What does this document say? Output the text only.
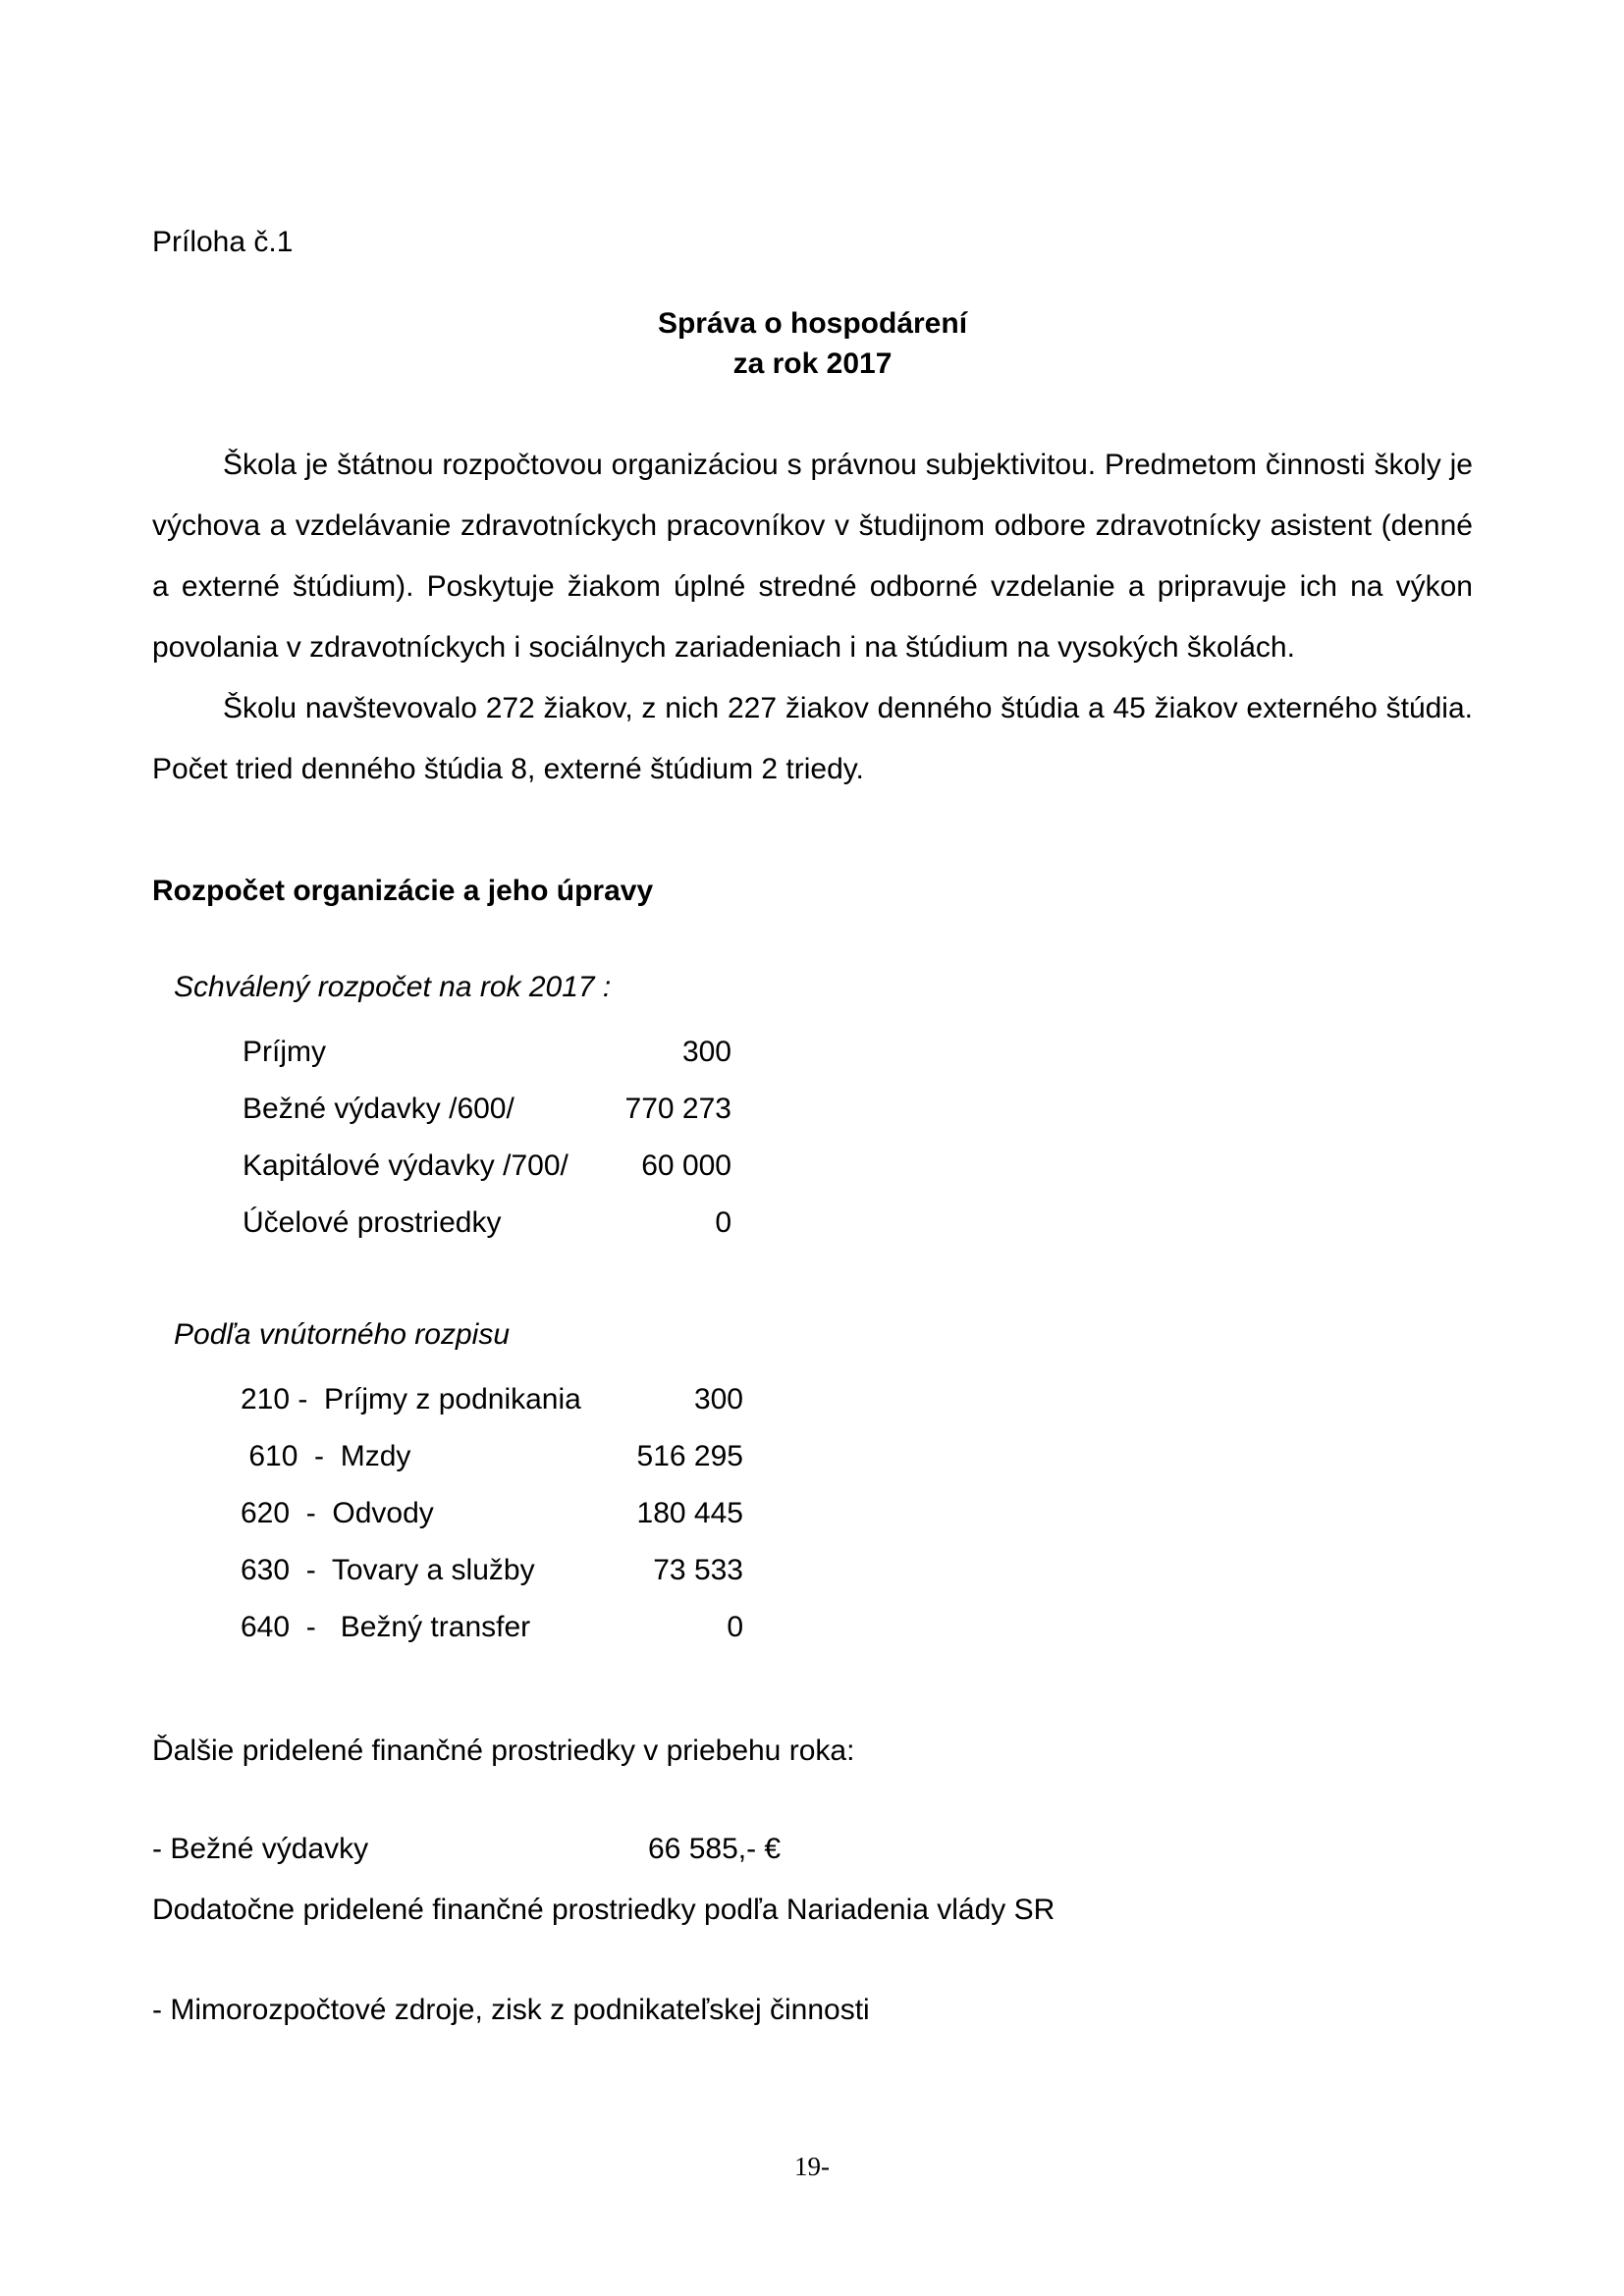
Príloha č.1
Správa o hospodárení
za rok 2017

Škola je štátnou rozpočtovou organizáciou s právnou subjektivitou. Predmetom činnosti školy je výchova a vzdelávanie zdravotníckych pracovníkov v študijnom odbore zdravotnícky asistent (denné a externé štúdium). Poskytuje žiakom úplné stredné odborné vzdelanie a pripravuje ich na výkon povolania v zdravotníckych i sociálnych zariadeniach i na štúdium na vysokých školách.

Školu navštevovalo 272 žiakov, z nich 227 žiakov denného štúdia a 45 žiakov externého štúdia. Počet tried denného štúdia 8, externé štúdium 2 triedy.

Rozpočet organizácie a jeho úpravy
Schválený rozpočet na rok 2017 :
Príjmy	300
Bežné výdavky /600/	770 273
Kapitálové výdavky /700/	60 000
Účelové prostriedky	0
Podľa vnútorného rozpisu
210 -  Príjmy z podnikania	300
610  -  Mzdy	516 295
620  -  Odvody	180 445
630  -  Tovary a služby	73 533
640  -   Bežný transfer	0
Ďalšie pridelené finančné prostriedky v priebehu roka:
- Bežné výdavky	66 585,- €
Dodatočne pridelené finančné prostriedky podľa Nariadenia vlády SR
- Mimorozpočtové zdroje, zisk z podnikateľskej činnosti
19-
